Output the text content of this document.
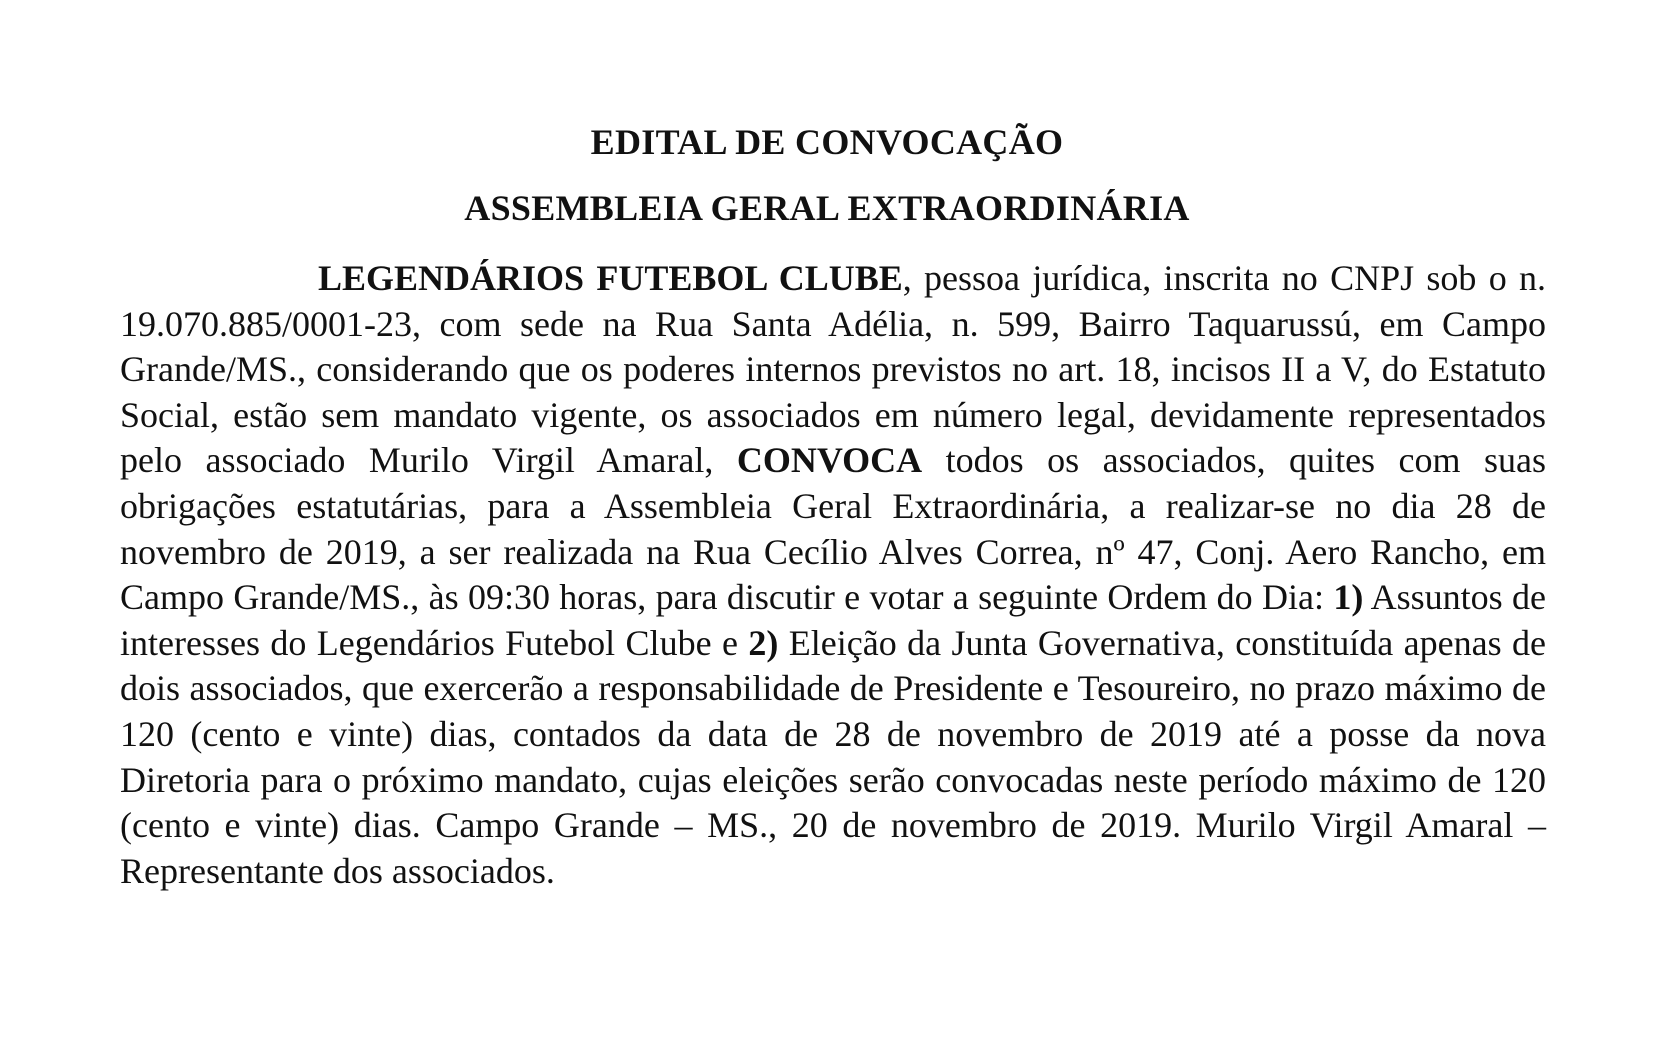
EDITAL DE CONVOCAÇÃO
ASSEMBLEIA GERAL EXTRAORDINÁRIA

LEGENDÁRIOS FUTEBOL CLUBE, pessoa jurídica, inscrita no CNPJ sob o n. 19.070.885/0001-23, com sede na Rua Santa Adélia, n. 599, Bairro Taquarussú, em Campo Grande/MS., considerando que os poderes internos previstos no art. 18, incisos II a V, do Estatuto Social, estão sem mandato vigente, os associados em número legal, devidamente representados pelo associado Murilo Virgil Amaral, CONVOCA todos os associados, quites com suas obrigações estatutárias, para a Assembleia Geral Extraordinária, a realizar-se no dia 28 de novembro de 2019, a ser realizada na Rua Cecílio Alves Correa, nº 47, Conj. Aero Rancho, em Campo Grande/MS., às 09:30 horas, para discutir e votar a seguinte Ordem do Dia: 1) Assuntos de interesses do Legendários Futebol Clube e 2) Eleição da Junta Governativa, constituída apenas de dois associados, que exercerão a responsabilidade de Presidente e Tesoureiro, no prazo máximo de 120 (cento e vinte) dias, contados da data de 28 de novembro de 2019 até a posse da nova Diretoria para o próximo mandato, cujas eleições serão convocadas neste período máximo de 120 (cento e vinte) dias. Campo Grande – MS., 20 de novembro de 2019. Murilo Virgil Amaral – Representante dos associados.
